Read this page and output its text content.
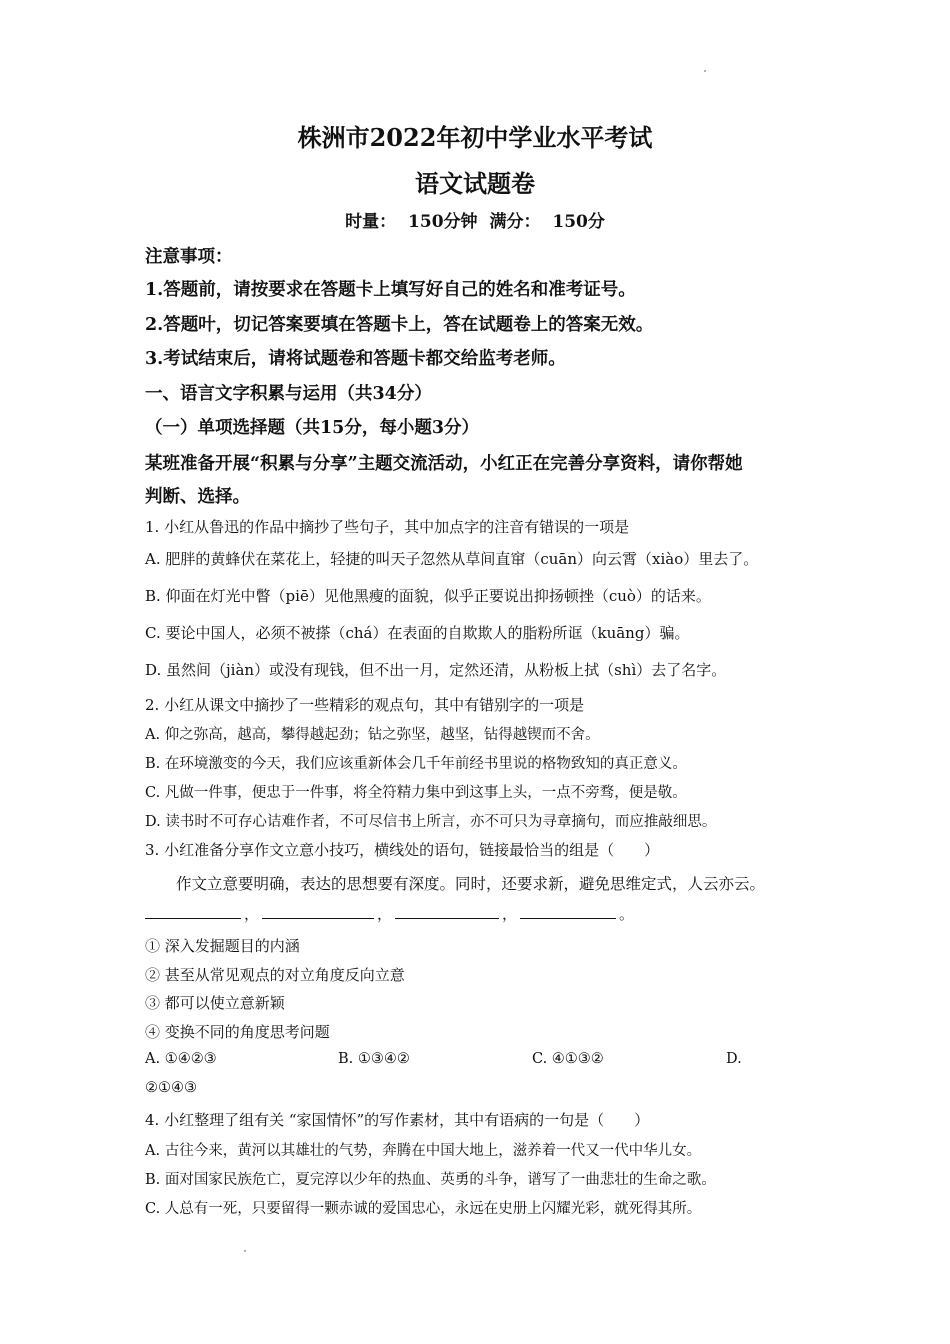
株洲市2022年初中学业水平考试
语文试题卷
时量： 150分钟 满分： 150分
注意事项：
1.答题前，请按要求在答题卡上填写好自己的姓名和准考证号。
2.答题叶，切记答案要填在答题卡上，答在试题卷上的答案无效。
3.考试结束后，请将试题卷和答题卡都交给监考老师。
一、语言文字积累与运用（共34分）
（一）单项选择题（共15分，每小题3分）
某班准备开展“积累与分享”主题交流活动，小红正在完善分享资料，请你帮她
判断、选择。
1. 小红从鲁迅的作品中摘抄了些句子，其中加点字的注音有错误的一项是
A. 肥胖的黄蜂伏在菜花上，轻捷的叫天子忽然从草间直窜（cuān）向云霄（xiào）里去了。
B. 仰面在灯光中瞥（piē）见他黑瘦的面貌，似乎正要说出抑扬顿挫（cuò）的话来。
C. 要论中国人，必须不被搽（chá）在表面的自欺欺人的脂粉所诓（kuāng）骗。
D. 虽然间（jiàn）或没有现钱，但不出一月，定然还清，从粉板上拭（shì）去了名字。
2. 小红从课文中摘抄了一些精彩的观点句，其中有错别字的一项是
A. 仰之弥高，越高，攀得越起劲；钻之弥坚，越坚，钻得越锲而不舍。
B. 在环境激变的今天，我们应该重新体会几千年前经书里说的格物致知的真正意义。
C. 凡做一件事，便忠于一件事，将全符精力集中到这事上头，一点不旁骛，便是敬。
D. 读书时不可存心诘难作者，不可尽信书上所言，亦不可只为寻章摘句，而应推敲细思。
3. 小红准备分享作文立意小技巧，横线处的语句，链接最恰当的组是（　　）
作文立意要明确，表达的思想要有深度。同时，还要求新，避免思维定式，人云亦云。
，	，	，	。
① 深入发掘题目的内涵
② 甚至从常见观点的对立角度反向立意
③ 都可以使立意新颖
④ 变换不同的角度思考问题
A. ①④②③	B. ①③④②	C. ④①③②	D.
②①④③
4. 小红整理了组有关 “家国情怀”的写作素材，其中有语病的一句是（　　）
A. 古往今来，黄河以其雄壮的气势，奔腾在中国大地上，滋养着一代又一代中华儿女。
B. 面对国家民族危亡，夏完淳以少年的热血、英勇的斗争，谱写了一曲悲壮的生命之歌。
C. 人总有一死，只要留得一颗赤诚的爱国忠心，永远在史册上闪耀光彩，就死得其所。
